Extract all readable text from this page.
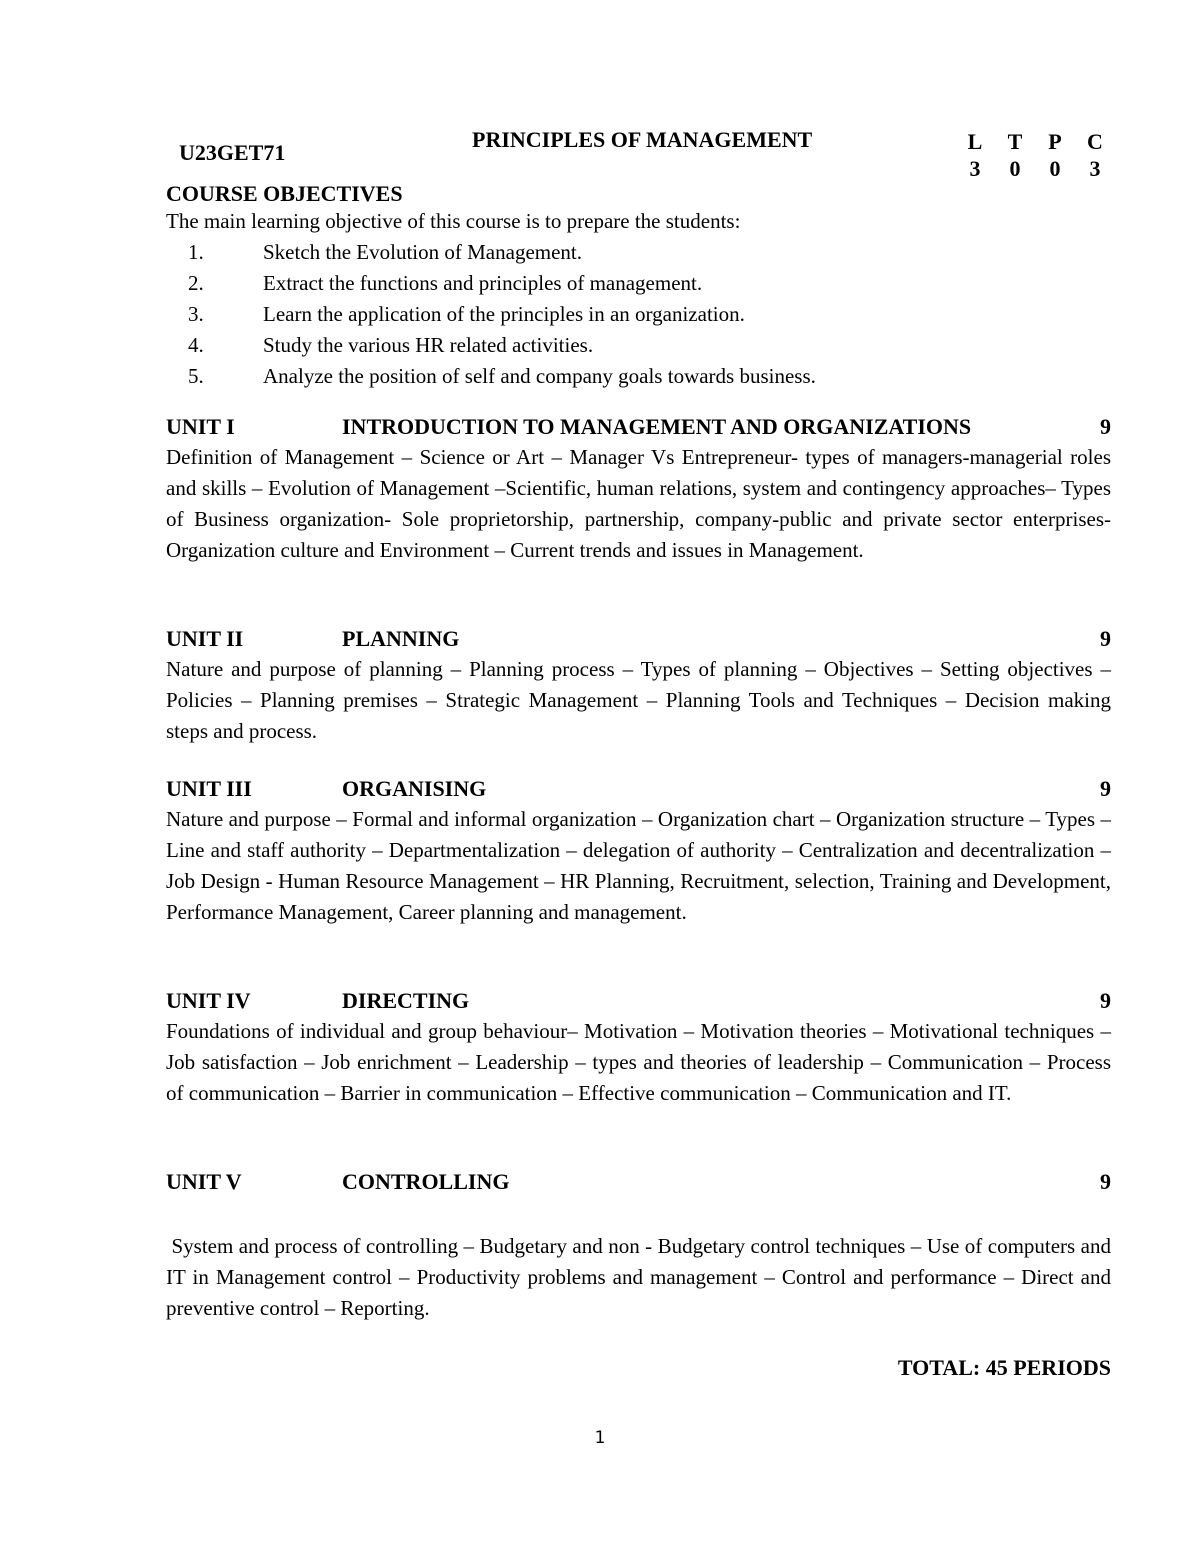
U23GET71
PRINCIPLES OF MANAGEMENT	L T P C
3 0 0 3
COURSE OBJECTIVES
The main learning objective of this course is to prepare the students:
1.	Sketch the Evolution of Management.
2.	Extract the functions and principles of management.
3.	Learn the application of the principles in an organization.
4.	Study the various HR related activities.
5.	Analyze the position of self and company goals towards business.
UNIT I	INTRODUCTION TO MANAGEMENT AND ORGANIZATIONS	9

Definition of Management – Science or Art – Manager Vs Entrepreneur- types of managers-managerial roles and skills – Evolution of Management –Scientific, human relations, system and contingency approaches– Types of Business organization- Sole proprietorship, partnership, company-public and private sector enterprises- Organization culture and Environment – Current trends and issues in Management.

UNIT II	PLANNING	9

Nature and purpose of planning – Planning process – Types of planning – Objectives – Setting objectives – Policies – Planning premises – Strategic Management – Planning Tools and Techniques – Decision making steps and process.

UNIT III	ORGANISING	9

Nature and purpose – Formal and informal organization – Organization chart – Organization structure – Types – Line and staff authority – Departmentalization – delegation of authority – Centralization and decentralization – Job Design - Human Resource Management – HR Planning, Recruitment, selection, Training and Development, Performance Management, Career planning and management.

UNIT IV	DIRECTING	9

Foundations of individual and group behaviour– Motivation – Motivation theories – Motivational techniques – Job satisfaction – Job enrichment – Leadership – types and theories of leadership – Communication – Process of communication – Barrier in communication – Effective communication – Communication and IT.

UNIT V	CONTROLLING	9

System and process of controlling – Budgetary and non - Budgetary control techniques – Use of computers and IT in Management control – Productivity problems and management – Control and performance – Direct and preventive control – Reporting.

TOTAL: 45 PERIODS
1
